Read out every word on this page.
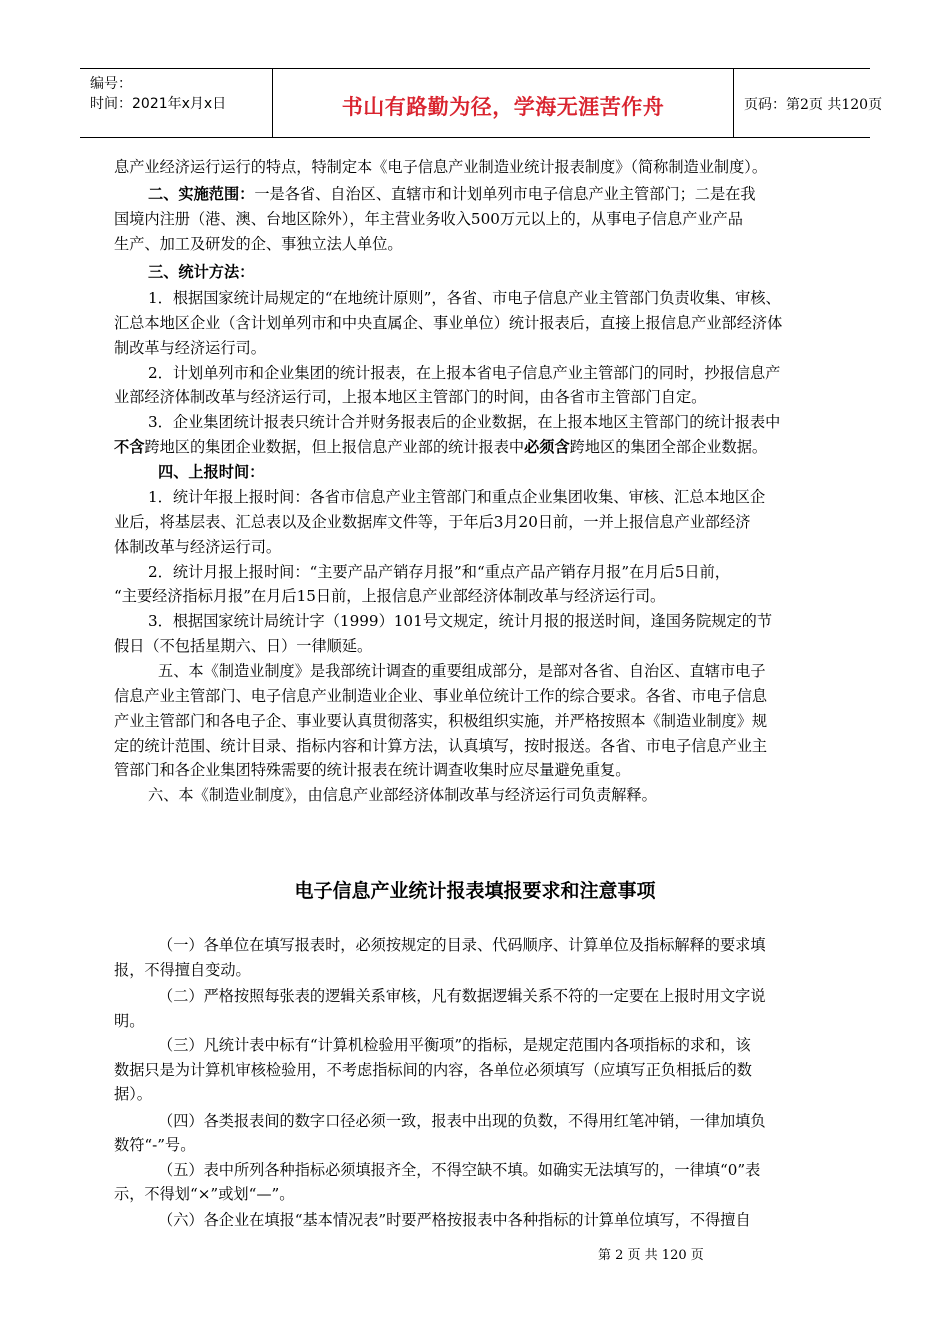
编号：
时间：2021年x月x日	书山有路勤为径，学海无涯苦作舟	页码：第2页 共120页
息产业经济运行运行的特点，特制定本《电子信息产业制造业统计报表制度》（简称制造业制度）。
二、实施范围：一是各省、自治区、直辖市和计划单列市电子信息产业主管部门；二是在我
国境内注册（港、澳、台地区除外），年主营业务收入500万元以上的，从事电子信息产业产品
生产、加工及研发的企、事独立法人单位。
三、统计方法：
1．根据国家统计局规定的“在地统计原则”，各省、市电子信息产业主管部门负责收集、审核、
汇总本地区企业（含计划单列市和中央直属企、事业单位）统计报表后，直接上报信息产业部经济体
制改革与经济运行司。
2．计划单列市和企业集团的统计报表，在上报本省电子信息产业主管部门的同时，抄报信息产
业部经济体制改革与经济运行司，上报本地区主管部门的时间，由各省市主管部门自定。
3．企业集团统计报表只统计合并财务报表后的企业数据，在上报本地区主管部门的统计报表中
不含跨地区的集团企业数据，但上报信息产业部的统计报表中必须含跨地区的集团全部企业数据。
四、上报时间：
1．统计年报上报时间：各省市信息产业主管部门和重点企业集团收集、审核、汇总本地区企
业后，将基层表、汇总表以及企业数据库文件等，于年后3月20日前，一并上报信息产业部经济
体制改革与经济运行司。
2．统计月报上报时间：“主要产品产销存月报”和“重点产品产销存月报”在月后5日前，
“主要经济指标月报”在月后15日前，上报信息产业部经济体制改革与经济运行司。
3．根据国家统计局统计字（1999）101号文规定，统计月报的报送时间，逢国务院规定的节
假日（不包括星期六、日）一律顺延。
五、本《制造业制度》是我部统计调查的重要组成部分，是部对各省、自治区、直辖市电子
信息产业主管部门、电子信息产业制造业企业、事业单位统计工作的综合要求。各省、市电子信息
产业主管部门和各电子企、事业要认真贯彻落实，积极组织实施，并严格按照本《制造业制度》规
定的统计范围、统计目录、指标内容和计算方法，认真填写，按时报送。各省、市电子信息产业主
管部门和各企业集团特殊需要的统计报表在统计调查收集时应尽量避免重复。
六、本《制造业制度》，由信息产业部经济体制改革与经济运行司负责解释。
电子信息产业统计报表填报要求和注意事项
（一）各单位在填写报表时，必须按规定的目录、代码顺序、计算单位及指标解释的要求填
报，不得擅自变动。
（二）严格按照每张表的逻辑关系审核，凡有数据逻辑关系不符的一定要在上报时用文字说
明。
（三）凡统计表中标有“计算机检验用平衡项”的指标，是规定范围内各项指标的求和，该
数据只是为计算机审核检验用，不考虑指标间的内容，各单位必须填写（应填写正负相抵后的数
据）。
（四）各类报表间的数字口径必须一致，报表中出现的负数，不得用红笔冲销，一律加填负
数符“-”号。
（五）表中所列各种指标必须填报齐全，不得空缺不填。如确实无法填写的，一律填“0”表
示，不得划“×”或划“—”。
（六）各企业在填报“基本情况表”时要严格按报表中各种指标的计算单位填写，不得擅自
第 2 页 共 120 页
